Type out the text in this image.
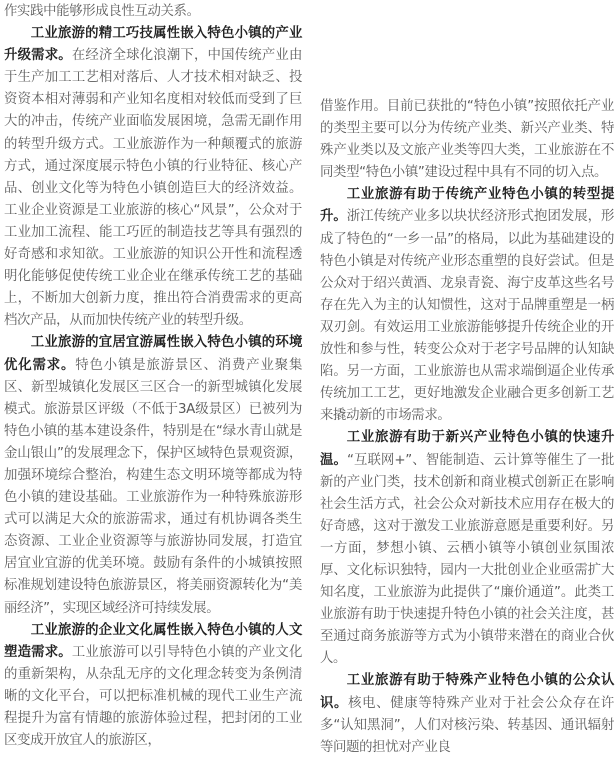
作实践中能够形成良性互动关系。

工业旅游的精工巧技属性嵌入特色小镇的产业升级需求。在经济全球化浪潮下，中国传统产业由于生产加工工艺相对落后、人才技术相对缺乏、投资资本相对薄弱和产业知名度相对较低而受到了巨大的冲击，传统产业面临发展困境，急需无副作用的转型升级方式。工业旅游作为一种颠覆式的旅游方式，通过深度展示特色小镇的行业特征、核心产品、创业文化等为特色小镇创造巨大的经济效益。工业企业资源是工业旅游的核心“风景”，公众对于工业加工流程、能工巧匠的制造技艺等具有强烈的好奇感和求知欲。工业旅游的知识公开性和流程透明化能够促使传统工业企业在继承传统工艺的基础上，不断加大创新力度，推出符合消费需求的更高档次产品，从而加快传统产业的转型升级。

工业旅游的宜居宜游属性嵌入特色小镇的环境优化需求。特色小镇是旅游景区、消费产业聚集区、新型城镇化发展区三区合一的新型城镇化发展模式。旅游景区评级（不低于3A级景区）已被列为特色小镇的基本建设条件，特别是在“绿水青山就是金山银山”的发展理念下，保护区域特色景观资源，加强环境综合整治，构建生态文明环境等都成为特色小镇的建设基础。工业旅游作为一种特殊旅游形式可以满足大众的旅游需求，通过有机协调各类生态资源、工业企业资源等与旅游协同发展，打造宜居宜业宜游的优美环境。鼓励有条件的小城镇按照标准规划建设特色旅游景区，将美丽资源转化为“美丽经济”，实现区域经济可持续发展。

工业旅游的企业文化属性嵌入特色小镇的人文塑造需求。工业旅游可以引导特色小镇的产业文化的重新架构，从杂乱无序的文化理念转变为条例清晰的文化平台，可以把标准机械的现代工业生产流程提升为富有情趣的旅游体验过程，把封闭的工业区变成开放宜人的旅游区，

借鉴作用。目前已获批的“特色小镇”按照依托产业的类型主要可以分为传统产业类、新兴产业类、特殊产业类以及文旅产业类等四大类，工业旅游在不同类型“特色小镇”建设过程中具有不同的切入点。

工业旅游有助于传统产业特色小镇的转型提升。浙江传统产业多以块状经济形式抱团发展，形成了特色的“一乡一品”的格局，以此为基础建设的特色小镇是对传统产业形态重塑的良好尝试。但是公众对于绍兴黄酒、龙泉青瓷、海宁皮革这些名号存在先入为主的认知惯性，这对于品牌重塑是一柄双刃剑。有效运用工业旅游能够提升传统企业的开放性和参与性，转变公众对于老字号品牌的认知缺陷。另一方面，工业旅游也从需求端倒逼企业传承传统加工工艺，更好地激发企业融合更多创新工艺来撬动新的市场需求。

工业旅游有助于新兴产业特色小镇的快速升温。“互联网+”、智能制造、云计算等催生了一批新的产业门类，技术创新和商业模式创新正在影响社会生活方式，社会公众对新技术应用存在极大的好奇感，这对于激发工业旅游意愿是重要利好。另一方面，梦想小镇、云栖小镇等小镇创业氛围浓厚、文化标识独特，园内一大批创业企业亟需扩大知名度，工业旅游为此提供了“廉价通道”。此类工业旅游有助于快速提升特色小镇的社会关注度，甚至通过商务旅游等方式为小镇带来潜在的商业合伙人。

工业旅游有助于特殊产业特色小镇的公众认识。核电、健康等特殊产业对于社会公众存在许多“认知黑洞”，人们对核污染、转基因、通讯辐射等问题的担忧对产业良
